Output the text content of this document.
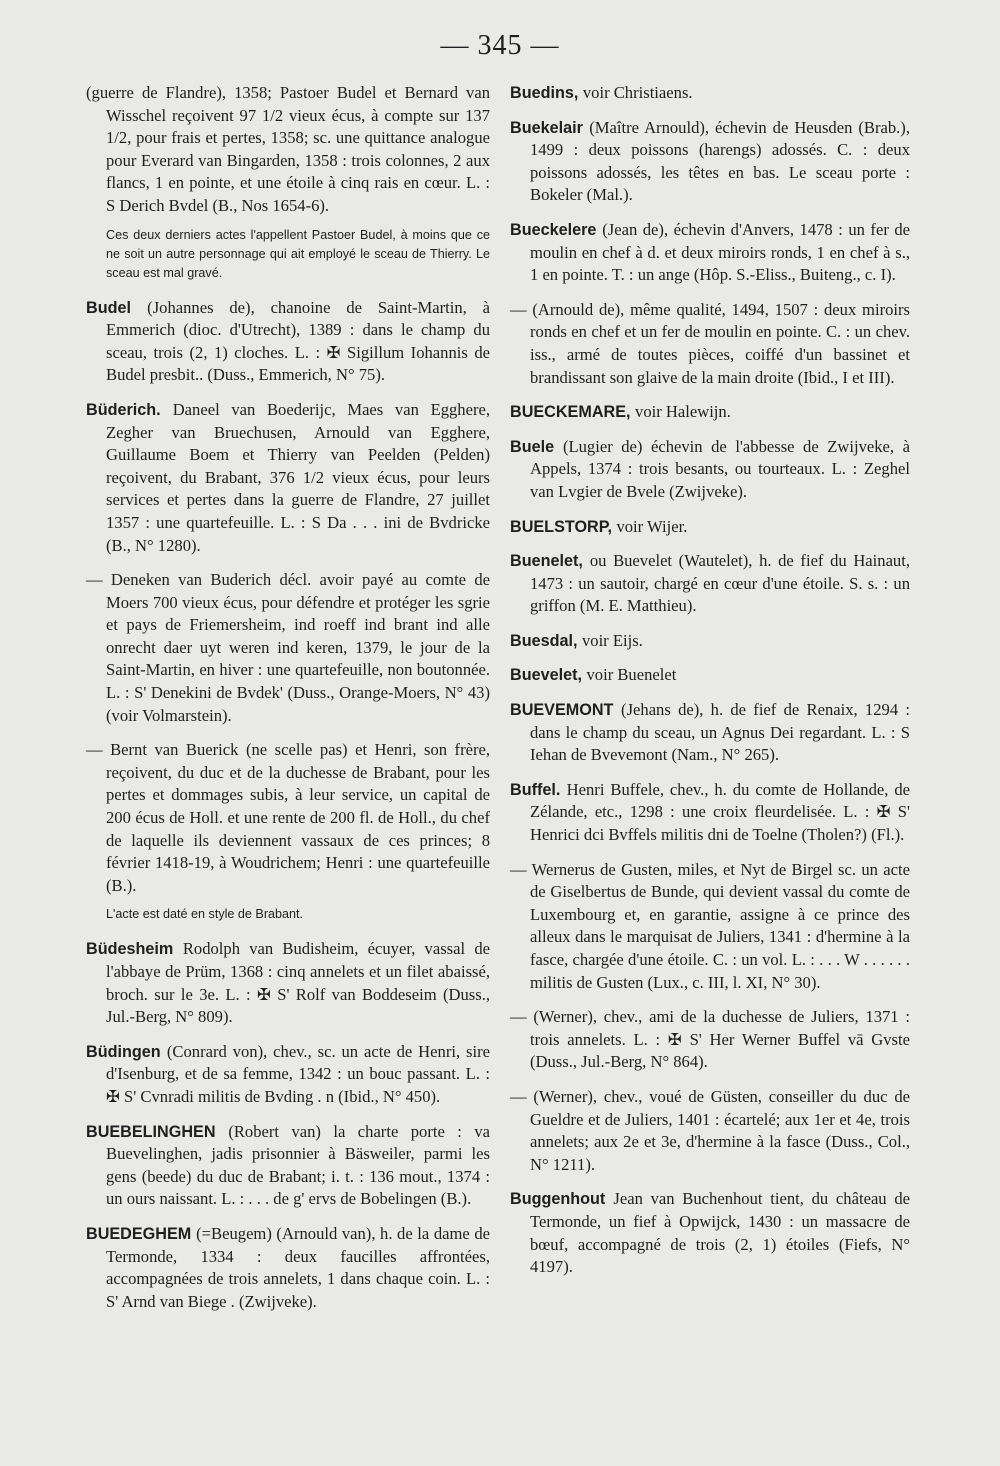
— 345 —

(guerre de Flandre), 1358; Pastoer Budel et Bernard van Wisschel reçoivent 97 1/2 vieux écus, à compte sur 137 1/2, pour frais et pertes, 1358; sc. une quittance analogue pour Everard van Bingarden, 1358 : trois colonnes, 2 aux flancs, 1 en pointe, et une étoile à cinq rais en cœur. L. : S Derich Bvdel (B., Nos 1654-6).

Ces deux derniers actes l'appellent Pastoer Budel, à moins que ce ne soit un autre personnage qui ait employé le sceau de Thierry. Le sceau est mal gravé.

Budel (Johannes de), chanoine de Saint-Martin, à Emmerich (dioc. d'Utrecht), 1389 : dans le champ du sceau, trois (2, 1) cloches. L. : ✠ Sigillum Iohannis de Budel presbit.. (Duss., Emmerich, N° 75).

Büderich. Daneel van Boederijc, Maes van Egghere, Zegher van Bruechusen, Arnould van Egghere, Guillaume Boem et Thierry van Peelden (Pelden) reçoivent, du Brabant, 376 1/2 vieux écus, pour leurs services et pertes dans la guerre de Flandre, 27 juillet 1357 : une quartefeuille. L. : S Da . . . ini de Bvdricke (B., N° 1280).

— Deneken van Buderich décl. avoir payé au comte de Moers 700 vieux écus, pour défendre et protéger les sgrie et pays de Friemersheim, ind roeff ind brant ind alle onrecht daer uyt weren ind keren, 1379, le jour de la Saint-Martin, en hiver : une quartefeuille, non boutonnée. L. : S' Denekini de Bvdek' (Duss., Orange-Moers, N° 43) (voir Volmarstein).

— Bernt van Buerick (ne scelle pas) et Henri, son frère, reçoivent, du duc et de la duchesse de Brabant, pour les pertes et dommages subis, à leur service, un capital de 200 écus de Holl. et une rente de 200 fl. de Holl., du chef de laquelle ils deviennent vassaux de ces princes; 8 février 1418-19, à Woudrichem; Henri : une quartefeuille (B.).

L'acte est daté en style de Brabant.

Büdesheim Rodolph van Budisheim, écuyer, vassal de l'abbaye de Prüm, 1368 : cinq annelets et un filet abaissé, broch. sur le 3e. L. : ✠ S' Rolf van Boddeseim (Duss., Jul.-Berg, N° 809).

Büdingen (Conrard von), chev., sc. un acte de Henri, sire d'Isenburg, et de sa femme, 1342 : un bouc passant. L. : ✠ S' Cvnradi militis de Bvding . n (Ibid., N° 450).

BUEBELINGHEN (Robert van) la charte porte : va Buevelinghen, jadis prisonnier à Bäsweiler, parmi les gens (beede) du duc de Brabant; i. t. : 136 mout., 1374 : un ours naissant. L. : . . . de g' ervs de Bobelingen (B.).

BUEDEGHEM (=Beugem) (Arnould van), h. de la dame de Termonde, 1334 : deux faucilles affrontées, accompagnées de trois annelets, 1 dans chaque coin. L. : S' Arnd van Biege . (Zwijveke).

Buedins, voir Christiaens.

Buekelair (Maître Arnould), échevin de Heusden (Brab.), 1499 : deux poissons (harengs) adossés. C. : deux poissons adossés, les têtes en bas. Le sceau porte : Bokeler (Mal.).

Bueckelere (Jean de), échevin d'Anvers, 1478 : un fer de moulin en chef à d. et deux miroirs ronds, 1 en chef à s., 1 en pointe. T. : un ange (Hôp. S.-Eliss., Buiteng., c. I).

— (Arnould de), même qualité, 1494, 1507 : deux miroirs ronds en chef et un fer de moulin en pointe. C. : un chev. iss., armé de toutes pièces, coiffé d'un bassinet et brandissant son glaive de la main droite (Ibid., I et III).

BUECKEMARE, voir Halewijn.

Buele (Lugier de) échevin de l'abbesse de Zwijveke, à Appels, 1374 : trois besants, ou tourteaux. L. : Zeghel van Lvgier de Bvele (Zwijveke).

BUELSTORP, voir Wijer.

Buenelet, ou Buevelet (Wautelet), h. de fief du Hainaut, 1473 : un sautoir, chargé en cœur d'une étoile. S. s. : un griffon (M. E. Matthieu).

Buesdal, voir Eijs.

Buevelet, voir Buenelet

BUEVEMONT (Jehans de), h. de fief de Renaix, 1294 : dans le champ du sceau, un Agnus Dei regardant. L. : S Iehan de Bvevemont (Nam., N° 265).

Buffel. Henri Buffele, chev., h. du comte de Hollande, de Zélande, etc., 1298 : une croix fleurdelisée. L. : ✠ S' Henrici dci Bvffels militis dni de Toelne (Tholen?) (Fl.).

— Wernerus de Gusten, miles, et Nyt de Birgel sc. un acte de Giselbertus de Bunde, qui devient vassal du comte de Luxembourg et, en garantie, assigne à ce prince des alleux dans le marquisat de Juliers, 1341 : d'hermine à la fasce, chargée d'une étoile. C. : un vol. L. : . . . W . . . . . . militis de Gusten (Lux., c. III, l. XI, N° 30).

— (Werner), chev., ami de la duchesse de Juliers, 1371 : trois annelets. L. : ✠ S' Her Werner Buffel vā Gvste (Duss., Jul.-Berg, N° 864).

— (Werner), chev., voué de Güsten, conseiller du duc de Gueldre et de Juliers, 1401 : écartelé; aux 1er et 4e, trois annelets; aux 2e et 3e, d'hermine à la fasce (Duss., Col., N° 1211).

Buggenhout Jean van Buchenhout tient, du château de Termonde, un fief à Opwijck, 1430 : un massacre de bœuf, accompagné de trois (2, 1) étoiles (Fiefs, N° 4197).
